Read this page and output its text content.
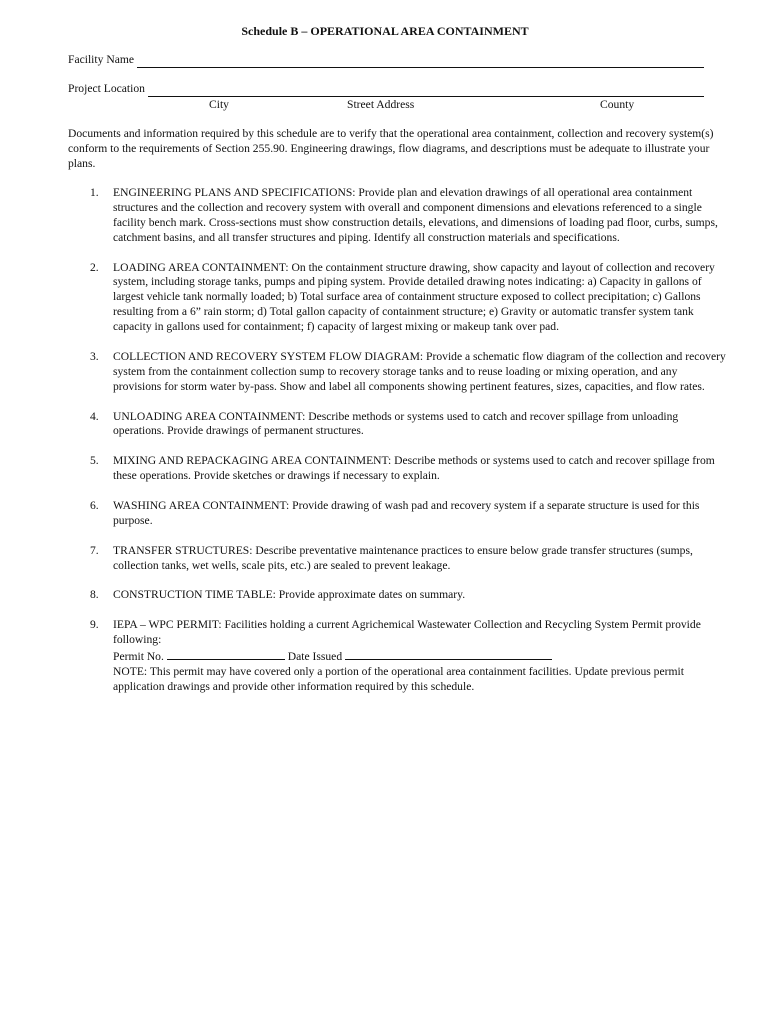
Schedule B – OPERATIONAL AREA CONTAINMENT
Facility Name
Project Location
City	Street Address	County
Documents and information required by this schedule are to verify that the operational area containment, collection and recovery system(s) conform to the requirements of Section 255.90. Engineering drawings, flow diagrams, and descriptions must be adequate to illustrate your plans.
1. ENGINEERING PLANS AND SPECIFICATIONS: Provide plan and elevation drawings of all operational area containment structures and the collection and recovery system with overall and component dimensions and elevations referenced to a single facility bench mark. Cross-sections must show construction details, elevations, and dimensions of loading pad floor, curbs, sumps, catchment basins, and all transfer structures and piping. Identify all construction materials and specifications.

2. LOADING AREA CONTAINMENT: On the containment structure drawing, show capacity and layout of collection and recovery system, including storage tanks, pumps and piping system. Provide detailed drawing notes indicating: a) Capacity in gallons of largest vehicle tank normally loaded; b) Total surface area of containment structure exposed to collect precipitation; c) Gallons resulting from a 6” rain storm; d) Total gallon capacity of containment structure; e) Gravity or automatic transfer system tank capacity in gallons used for containment; f) capacity of largest mixing or makeup tank over pad.

3. COLLECTION AND RECOVERY SYSTEM FLOW DIAGRAM: Provide a schematic flow diagram of the collection and recovery system from the containment collection sump to recovery storage tanks and to reuse loading or mixing operation, and any provisions for storm water by-pass. Show and label all components showing pertinent features, sizes, capacities, and flow rates.

4. UNLOADING AREA CONTAINMENT: Describe methods or systems used to catch and recover spillage from unloading operations. Provide drawings of permanent structures.

5. MIXING AND REPACKAGING AREA CONTAINMENT: Describe methods or systems used to catch and recover spillage from these operations. Provide sketches or drawings if necessary to explain.

6. WASHING AREA CONTAINMENT: Provide drawing of wash pad and recovery system if a separate structure is used for this purpose.

7. TRANSFER STRUCTURES: Describe preventative maintenance practices to ensure below grade transfer structures (sumps, collection tanks, wet wells, scale pits, etc.) are sealed to prevent leakage.

8. CONSTRUCTION TIME TABLE: Provide approximate dates on summary.

9. IEPA – WPC PERMIT: Facilities holding a current Agrichemical Wastewater Collection and Recycling System Permit provide following:

Permit No.	Date Issued

NOTE: This permit may have covered only a portion of the operational area containment facilities. Update previous permit application drawings and provide other information required by this schedule.
